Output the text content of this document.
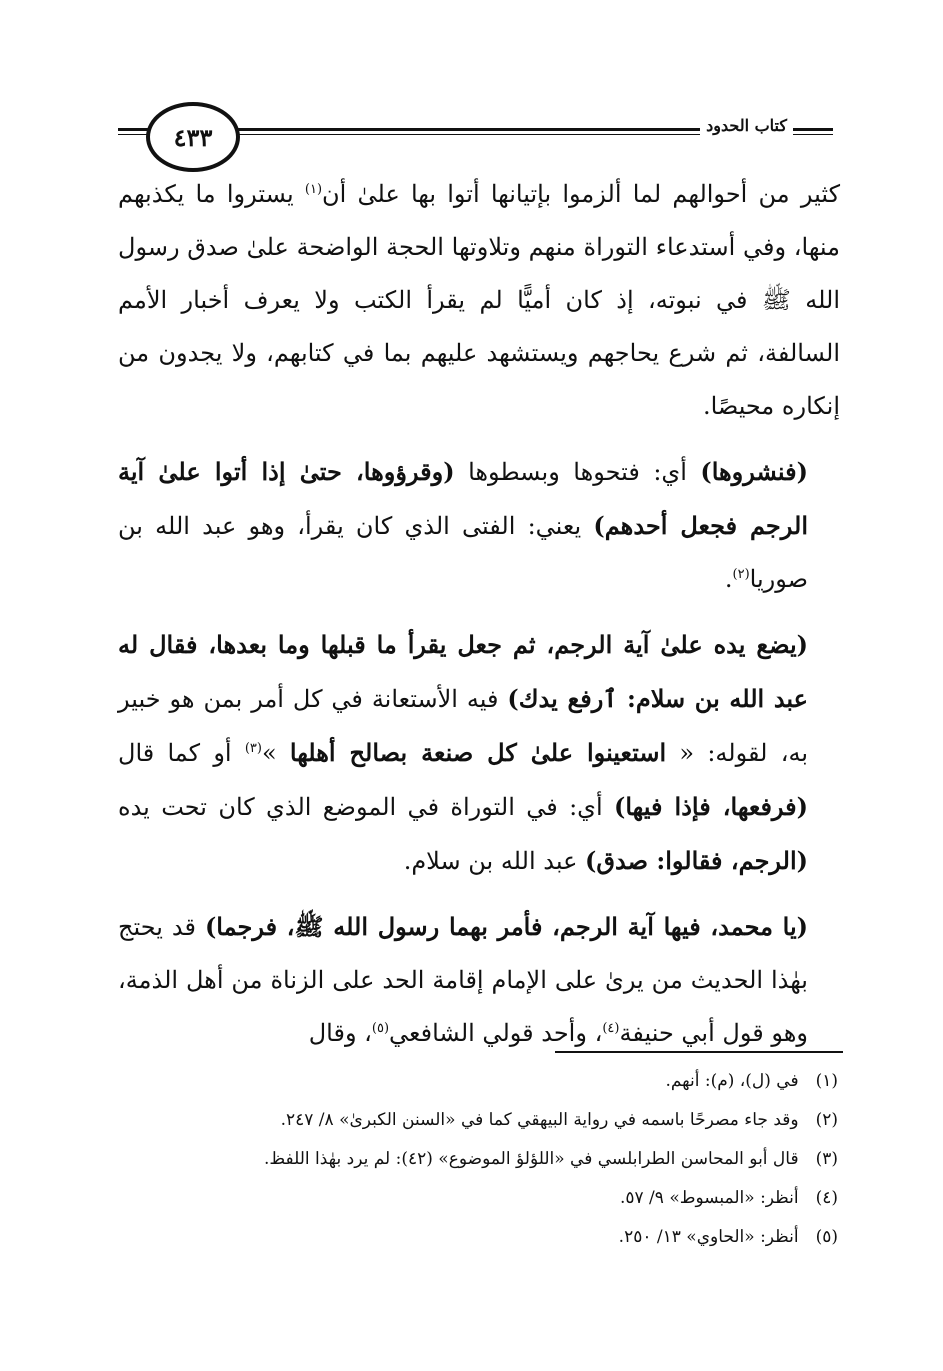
كتاب الحدود
٤٣٣

كثير من أحوالهم لما ألزموا بإتيانها أتوا بها علىٰ أن$^{(١)}$ يستروا ما يكذبهم منها، وفي أستدعاء التوراة منهم وتلاوتها الحجة الواضحة علىٰ صدق رسول الله ﷺ في نبوته، إذ كان أميًّا لم يقرأ الكتب ولا يعرف أخبار الأمم السالفة، ثم شرع يحاجهم ويستشهد عليهم بما في كتابهم، ولا يجدون من إنكاره محيصًا.

(فنشروها) أي: فتحوها وبسطوها (وقرؤوها، حتىٰ إذا أتوا علىٰ آية الرجم فجعل أحدهم) يعني: الفتى الذي كان يقرأ، وهو عبد الله بن صوريا$^{(٢)}$.

(يضع يده علىٰ آية الرجم، ثم جعل يقرأ ما قبلها وما بعدها، فقال له عبد الله بن سلام: ٱرفع يدك) فيه الأستعانة في كل أمر بمن هو خبير به، لقوله: « استعينوا علىٰ كل صنعة بصالح أهلها »$^{(٣)}$ أو كما قال (فرفعها، فإذا فيها) أي: في التوراة في الموضع الذي كان تحت يده (الرجم، فقالوا: صدق) عبد الله بن سلام.

(يا محمد، فيها آية الرجم، فأمر بهما رسول الله ﷺ، فرجما) قد يحتج بهٰذا الحديث من يرىٰ على الإمام إقامة الحد على الزناة من أهل الذمة، وهو قول أبي حنيفة$^{(٤)}$، وأحد قولي الشافعي$^{(٥)}$، وقال

(١) في (ل)، (م): أنهم.
(٢) وقد جاء مصرحًا باسمه في رواية البيهقي كما في «السنن الكبرىٰ» ٨/ ٢٤٧.
(٣) قال أبو المحاسن الطرابلسي في «اللؤلؤ الموضوع» (٤٢): لم يرد بهٰذا اللفظ.
(٤) أنظر: «المبسوط» ٩/ ٥٧.
(٥) أنظر: «الحاوي» ١٣/ ٢٥٠.
